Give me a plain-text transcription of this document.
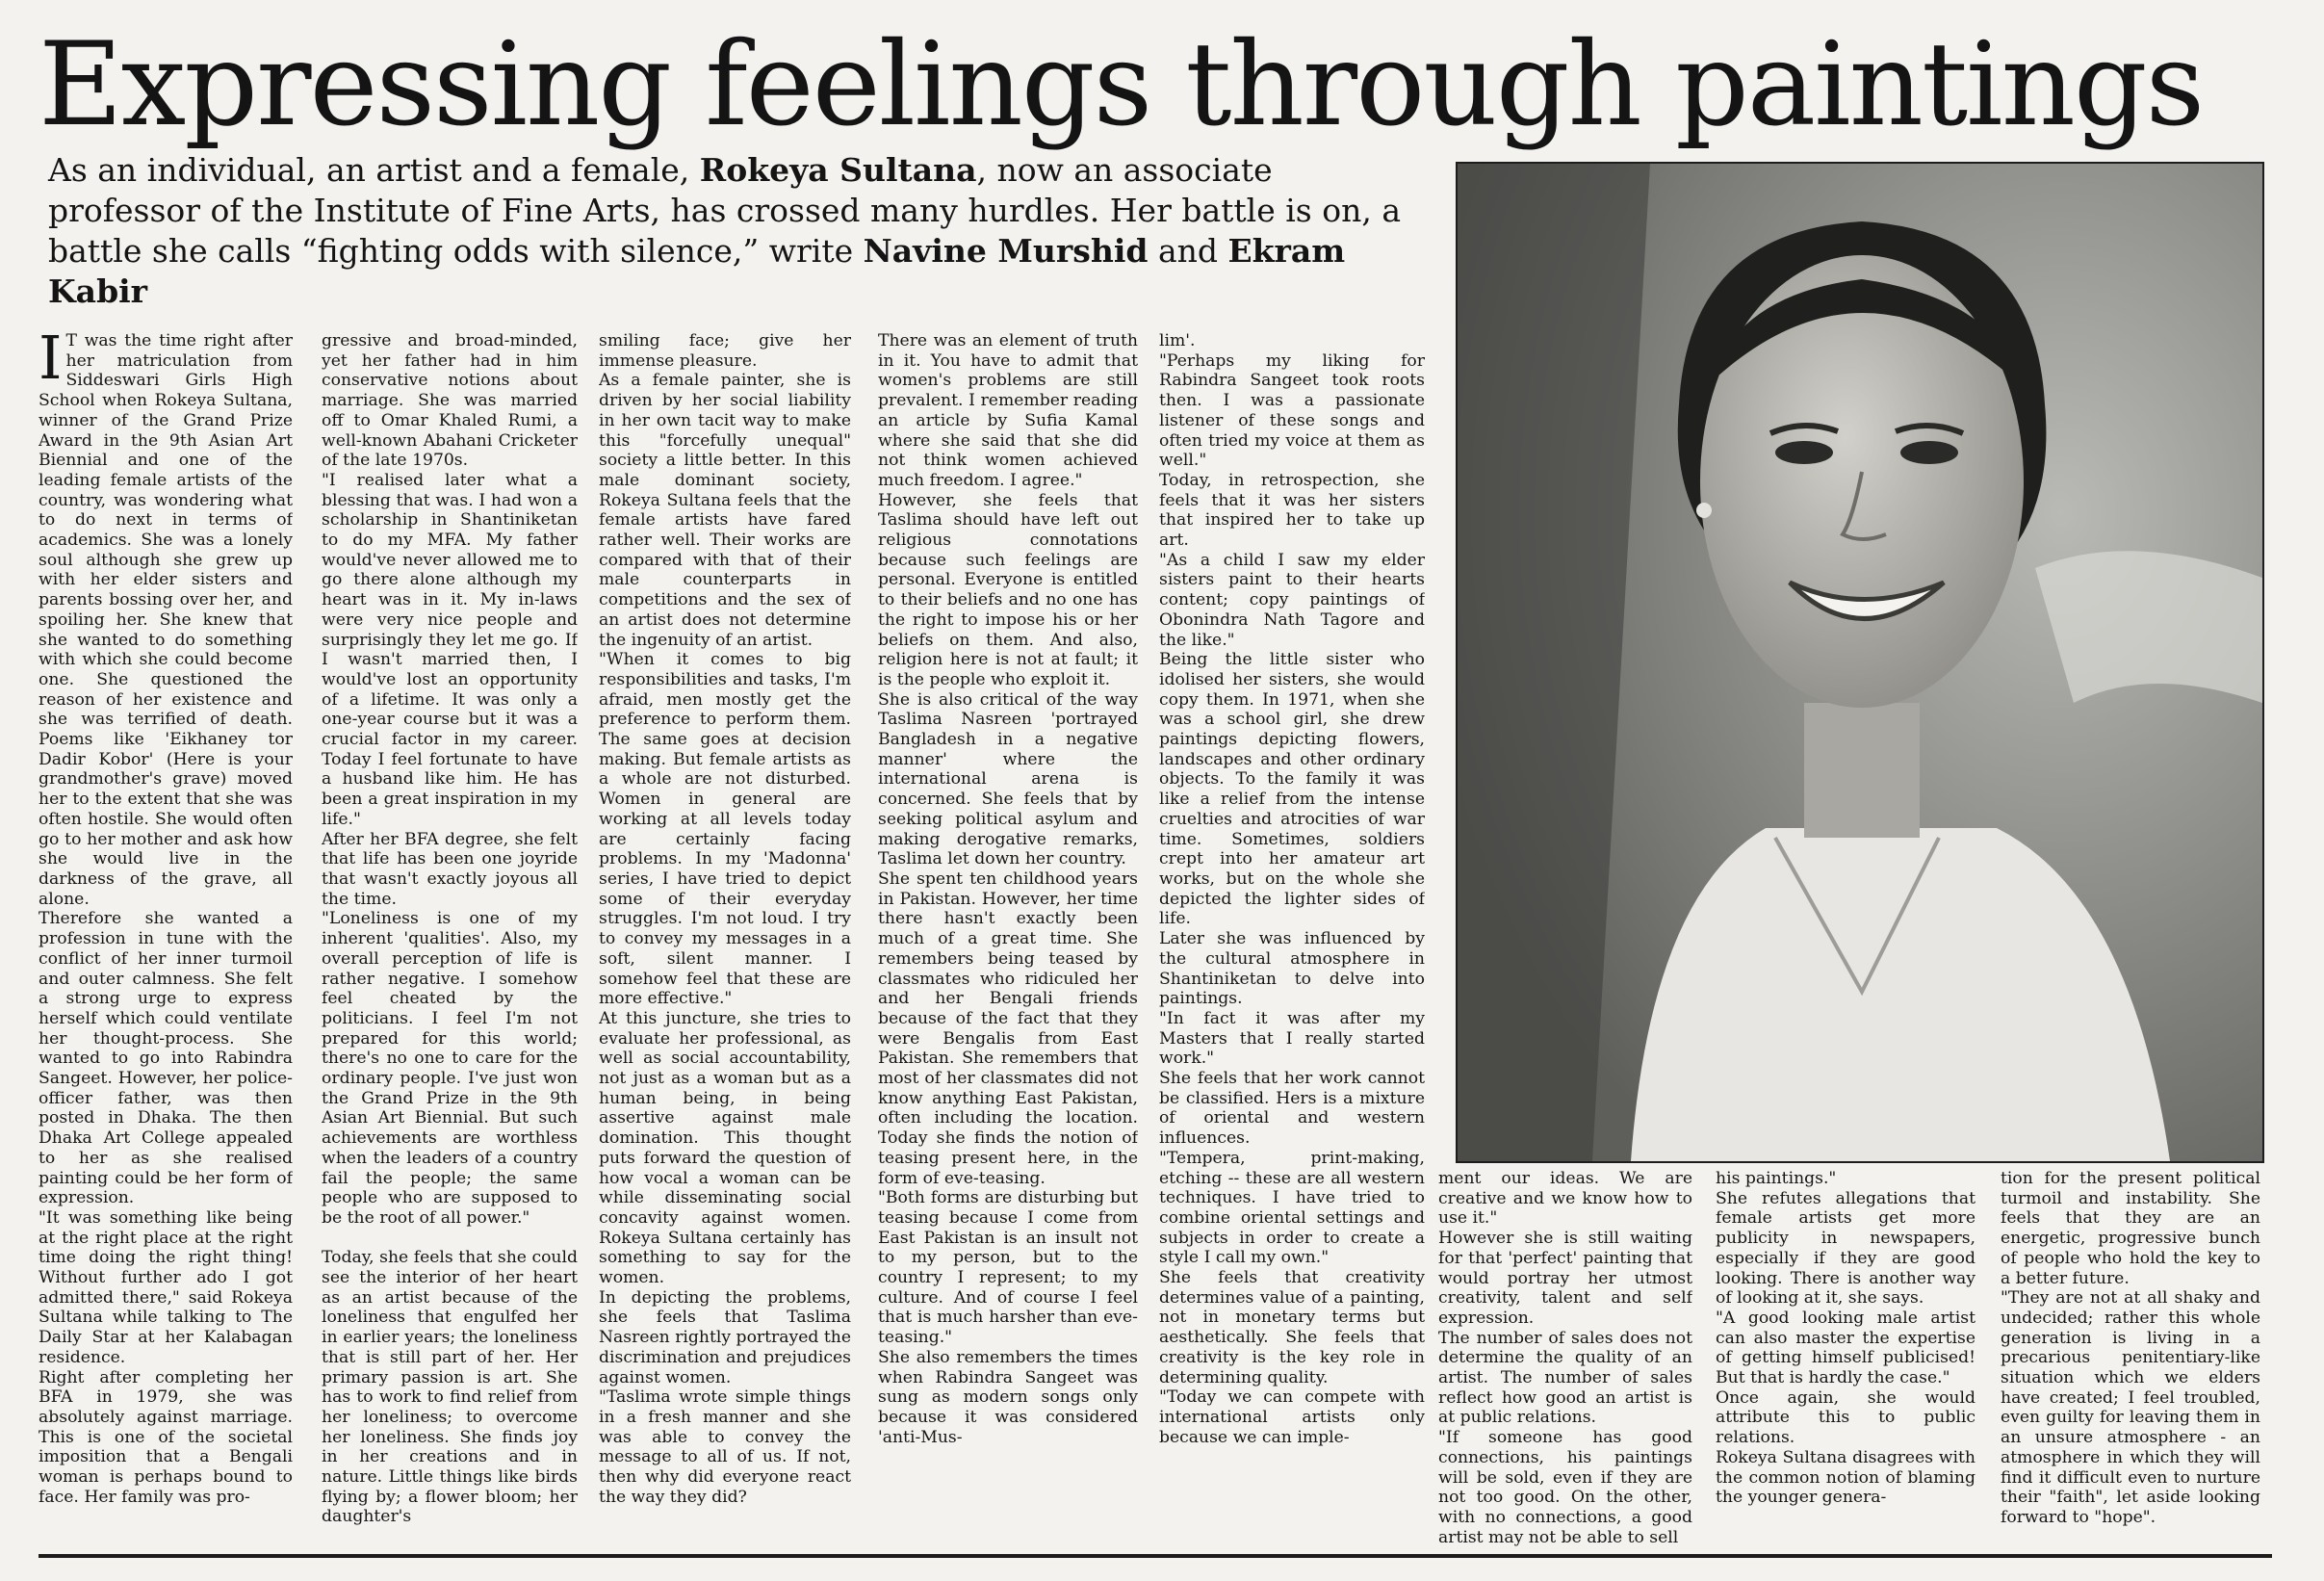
Expressing feelings through paintings

As an individual, an artist and a female, Rokeya Sultana, now an associate professor of the Institute of Fine Arts, has crossed many hurdles. Her battle is on, a battle she calls “fighting odds with silence,” write Navine Murshid and Ekram Kabir

I T was the time right after her matriculation from Siddeswari Girls High School when Rokeya Sultana, winner of the Grand Prize Award in the 9th Asian Art Biennial and one of the leading female artists of the country, was wondering what to do next in terms of academics. She was a lonely soul although she grew up with her elder sisters and parents bossing over her, and spoiling her. She knew that she wanted to do something with which she could become one. She questioned the reason of her existence and she was terrified of death. Poems like 'Eikhaney tor Dadir Kobor' (Here is your grandmother's grave) moved her to the extent that she was often hostile. She would often go to her mother and ask how she would live in the darkness of the grave, all alone.
Therefore she wanted a profession in tune with the conflict of her inner turmoil and outer calmness. She felt a strong urge to express herself which could ventilate her thought-process. She wanted to go into Rabindra Sangeet. However, her police-officer father, was then posted in Dhaka. The then Dhaka Art College appealed to her as she realised painting could be her form of expression.
"It was something like being at the right place at the right time doing the right thing! Without further ado I got admitted there," said Rokeya Sultana while talking to The Daily Star at her Kalabagan residence.
Right after completing her BFA in 1979, she was absolutely against marriage. This is one of the societal imposition that a Bengali woman is perhaps bound to face. Her family was pro-

gressive and broad-minded, yet her father had in him conservative notions about marriage. She was married off to Omar Khaled Rumi, a well-known Abahani Cricketer of the late 1970s.
"I realised later what a blessing that was. I had won a scholarship in Shantiniketan to do my MFA. My father would've never allowed me to go there alone although my heart was in it. My in-laws were very nice people and surprisingly they let me go. If I wasn't married then, I would've lost an opportunity of a lifetime. It was only a one-year course but it was a crucial factor in my career. Today I feel fortunate to have a husband like him. He has been a great inspiration in my life."
After her BFA degree, she felt that life has been one joyride that wasn't exactly joyous all the time.
"Loneliness is one of my inherent 'qualities'. Also, my overall perception of life is rather negative. I somehow feel cheated by the politicians. I feel I'm not prepared for this world; there's no one to care for the ordinary people. I've just won the Grand Prize in the 9th Asian Art Biennial. But such achievements are worthless when the leaders of a country fail the people; the same people who are supposed to be the root of all power."

Today, she feels that she could see the interior of her heart as an artist because of the loneliness that engulfed her in earlier years; the loneliness that is still part of her. Her primary passion is art. She has to work to find relief from her loneliness; to overcome her loneliness. She finds joy in her creations and in nature. Little things like birds flying by; a flower bloom; her daughter's

smiling face; give her immense pleasure.
As a female painter, she is driven by her social liability in her own tacit way to make this "forcefully unequal" society a little better. In this male dominant society, Rokeya Sultana feels that the female artists have fared rather well. Their works are compared with that of their male counterparts in competitions and the sex of an artist does not determine the ingenuity of an artist.
"When it comes to big responsibilities and tasks, I'm afraid, men mostly get the preference to perform them. The same goes at decision making. But female artists as a whole are not disturbed. Women in general are working at all levels today are certainly facing problems. In my 'Madonna' series, I have tried to depict some of their everyday struggles. I'm not loud. I try to convey my messages in a soft, silent manner. I somehow feel that these are more effective."
At this juncture, she tries to evaluate her professional, as well as social accountability, not just as a woman but as a human being, in being assertive against male domination. This thought puts forward the question of how vocal a woman can be while disseminating social concavity against women. Rokeya Sultana certainly has something to say for the women.
In depicting the problems, she feels that Taslima Nasreen rightly portrayed the discrimination and prejudices against women.
"Taslima wrote simple things in a fresh manner and she was able to convey the message to all of us. If not, then why did everyone react the way they did?

There was an element of truth in it. You have to admit that women's problems are still prevalent. I remember reading an article by Sufia Kamal where she said that she did not think women achieved much freedom. I agree."
However, she feels that Taslima should have left out religious connotations because such feelings are personal. Everyone is entitled to their beliefs and no one has the right to impose his or her beliefs on them. And also, religion here is not at fault; it is the people who exploit it.
She is also critical of the way Taslima Nasreen 'portrayed Bangladesh in a negative manner' where the international arena is concerned. She feels that by seeking political asylum and making derogative remarks, Taslima let down her country.
She spent ten childhood years in Pakistan. However, her time there hasn't exactly been much of a great time. She remembers being teased by classmates who ridiculed her and her Bengali friends because of the fact that they were Bengalis from East Pakistan. She remembers that most of her classmates did not know anything East Pakistan, often including the location. Today she finds the notion of teasing present here, in the form of eve-teasing.
"Both forms are disturbing but teasing because I come from East Pakistan is an insult not to my person, but to the country I represent; to my culture. And of course I feel that is much harsher than eve-teasing."
She also remembers the times when Rabindra Sangeet was sung as modern songs only because it was considered 'anti-Mus-

lim'.
"Perhaps my liking for Rabindra Sangeet took roots then. I was a passionate listener of these songs and often tried my voice at them as well."
Today, in retrospection, she feels that it was her sisters that inspired her to take up art.
"As a child I saw my elder sisters paint to their hearts content; copy paintings of Obonindra Nath Tagore and the like."
Being the little sister who idolised her sisters, she would copy them. In 1971, when she was a school girl, she drew paintings depicting flowers, landscapes and other ordinary objects. To the family it was like a relief from the intense cruelties and atrocities of war time. Sometimes, soldiers crept into her amateur art works, but on the whole she depicted the lighter sides of life.
Later she was influenced by the cultural atmosphere in Shantiniketan to delve into paintings.
"In fact it was after my Masters that I really started work."
She feels that her work cannot be classified. Hers is a mixture of oriental and western influences.
"Tempera, print-making, etching -- these are all western techniques. I have tried to combine oriental settings and subjects in order to create a style I call my own."
She feels that creativity determines value of a painting, not in monetary terms but aesthetically. She feels that creativity is the key role in determining quality.
"Today we can compete with international artists only because we can imple-

ment our ideas. We are creative and we know how to use it."
However she is still waiting for that 'perfect' painting that would portray her utmost creativity, talent and self expression.
The number of sales does not determine the quality of an artist. The number of sales reflect how good an artist is at public relations.
"If someone has good connections, his paintings will be sold, even if they are not too good. On the other, with no connections, a good artist may not be able to sell

his paintings."
She refutes allegations that female artists get more publicity in newspapers, especially if they are good looking. There is another way of looking at it, she says.
"A good looking male artist can also master the expertise of getting himself publicised! But that is hardly the case."
Once again, she would attribute this to public relations.
Rokeya Sultana disagrees with the common notion of blaming the younger genera-

tion for the present political turmoil and instability. She feels that they are an energetic, progressive bunch of people who hold the key to a better future.
"They are not at all shaky and undecided; rather this whole generation is living in a precarious penitentiary-like situation which we elders have created; I feel troubled, even guilty for leaving them in an unsure atmosphere - an atmosphere in which they will find it difficult even to nurture their "faith", let aside looking forward to "hope".
